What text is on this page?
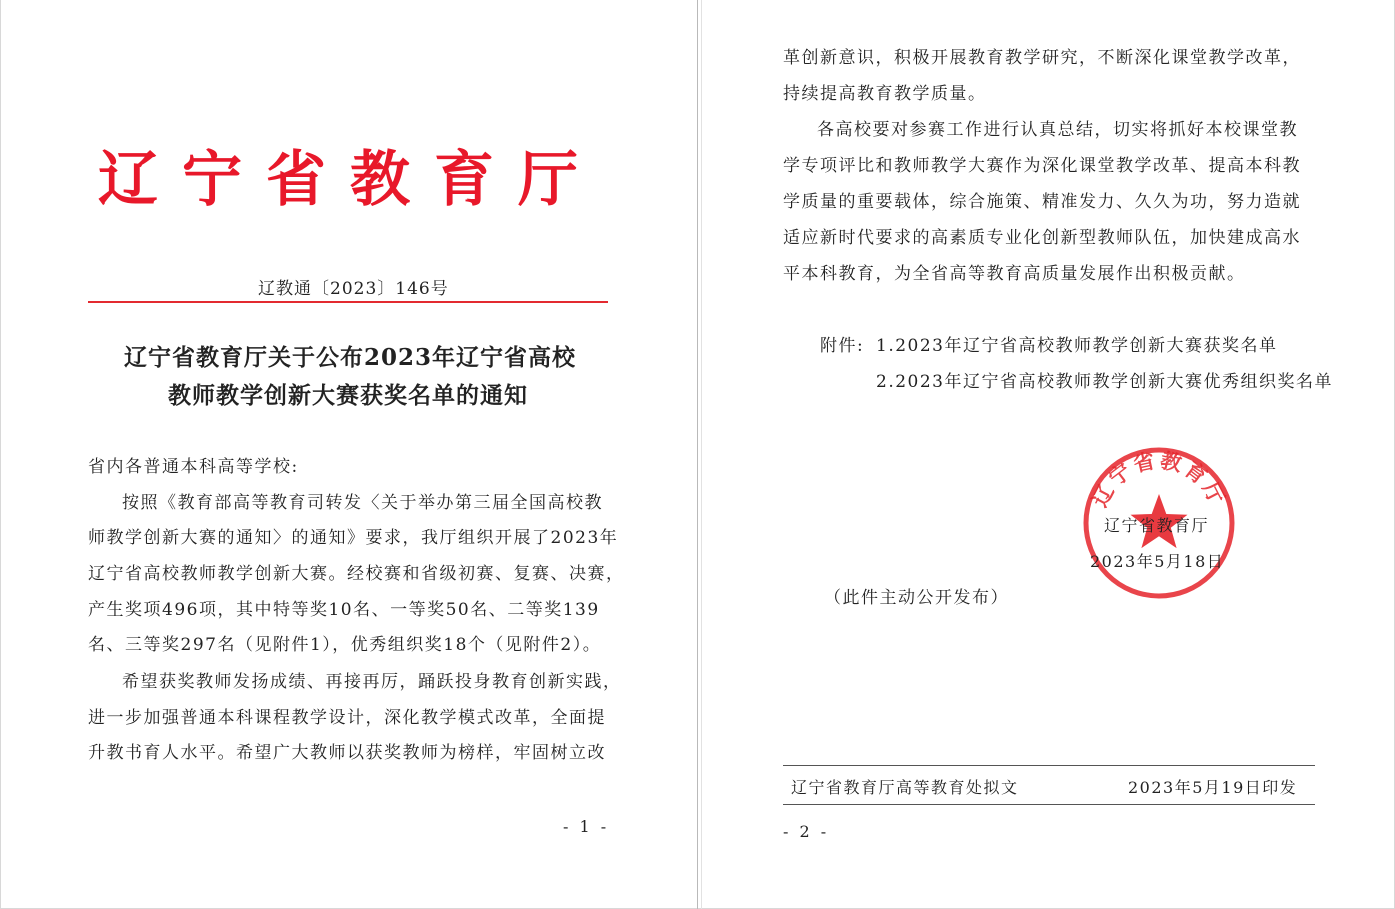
辽宁省教育厅
辽教通〔2023〕146号
辽宁省教育厅关于公布2023年辽宁省高校
教师教学创新大赛获奖名单的通知
省内各普通本科高等学校:
按照《教育部高等教育司转发〈关于举办第三届全国高校教
师教学创新大赛的通知〉的通知》要求，我厅组织开展了2023年
辽宁省高校教师教学创新大赛。经校赛和省级初赛、复赛、决赛，
产生奖项496项，其中特等奖10名、一等奖50名、二等奖139
名、三等奖297名（见附件1），优秀组织奖18个（见附件2）。
希望获奖教师发扬成绩、再接再厉，踊跃投身教育创新实践，
进一步加强普通本科课程教学设计，深化教学模式改革，全面提
升教书育人水平。希望广大教师以获奖教师为榜样，牢固树立改
- 1 -
革创新意识，积极开展教育教学研究，不断深化课堂教学改革，
持续提高教育教学质量。
各高校要对参赛工作进行认真总结，切实将抓好本校课堂教
学专项评比和教师教学大赛作为深化课堂教学改革、提高本科教
学质量的重要载体，综合施策、精准发力、久久为功，努力造就
适应新时代要求的高素质专业化创新型教师队伍，加快建成高水
平本科教育，为全省高等教育高质量发展作出积极贡献。
附件: 1.2023年辽宁省高校教师教学创新大赛获奖名单
2.2023年辽宁省高校教师教学创新大赛优秀组织奖名单
辽宁省教育厅
辽宁省教育厅
2023年5月18日
（此件主动公开发布）
辽宁省教育厅高等教育处拟文	2023年5月19日印发
- 2 -
